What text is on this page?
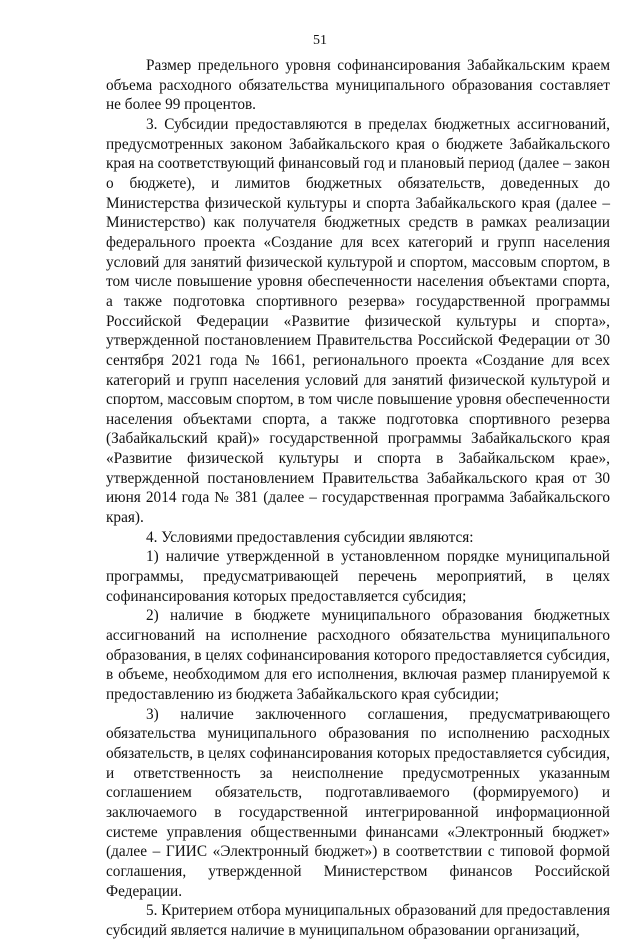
51

Размер предельного уровня софинансирования Забайкальским краем объема расходного обязательства муниципального образования составляет не более 99 процентов.

3. Субсидии предоставляются в пределах бюджетных ассигнований, предусмотренных законом Забайкальского края о бюджете Забайкальского края на соответствующий финансовый год и плановый период (далее – закон о бюджете), и лимитов бюджетных обязательств, доведенных до Министерства физической культуры и спорта Забайкальского края (далее – Министерство) как получателя бюджетных средств в рамках реализации федерального проекта «Создание для всех категорий и групп населения условий для занятий физической культурой и спортом, массовым спортом, в том числе повышение уровня обеспеченности населения объектами спорта, а также подготовка спортивного резерва» государственной программы Российской Федерации «Развитие физической культуры и спорта», утвержденной постановлением Правительства Российской Федерации от 30 сентября 2021 года № 1661, регионального проекта «Создание для всех категорий и групп населения условий для занятий физической культурой и спортом, массовым спортом, в том числе повышение уровня обеспеченности населения объектами спорта, а также подготовка спортивного резерва (Забайкальский край)» государственной программы Забайкальского края «Развитие физической культуры и спорта в Забайкальском крае», утвержденной постановлением Правительства Забайкальского края от 30 июня 2014 года № 381 (далее – государственная программа Забайкальского края).

4. Условиями предоставления субсидии являются:

1) наличие утвержденной в установленном порядке муниципальной программы, предусматривающей перечень мероприятий, в целях софинансирования которых предоставляется субсидия;

2) наличие в бюджете муниципального образования бюджетных ассигнований на исполнение расходного обязательства муниципального образования, в целях софинансирования которого предоставляется субсидия, в объеме, необходимом для его исполнения, включая размер планируемой к предоставлению из бюджета Забайкальского края субсидии;

3) наличие заключенного соглашения, предусматривающего обязательства муниципального образования по исполнению расходных обязательств, в целях софинансирования которых предоставляется субсидия, и ответственность за неисполнение предусмотренных указанным соглашением обязательств, подготавливаемого (формируемого) и заключаемого в государственной интегрированной информационной системе управления общественными финансами «Электронный бюджет» (далее – ГИИС «Электронный бюджет») в соответствии с типовой формой соглашения, утвержденной Министерством финансов Российской Федерации.

5. Критерием отбора муниципальных образований для предоставления субсидий является наличие в муниципальном образовании организаций,
